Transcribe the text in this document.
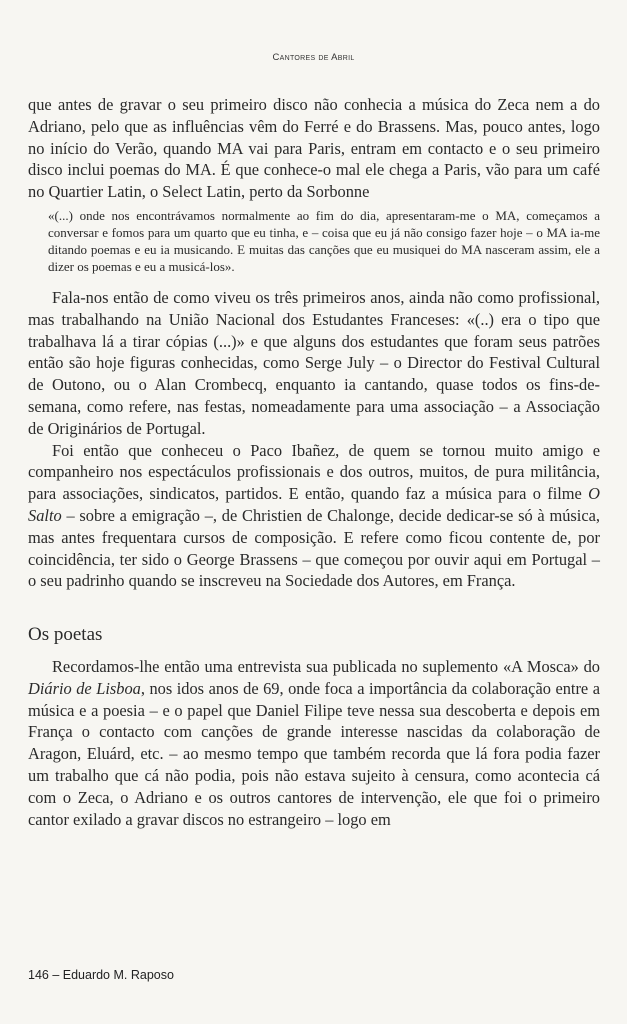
Cantores de Abril

que antes de gravar o seu primeiro disco não conhecia a música do Zeca nem a do Adriano, pelo que as influências vêm do Ferré e do Brassens. Mas, pouco antes, logo no início do Verão, quando MA vai para Paris, entram em contacto e o seu primeiro disco inclui poemas do MA. É que conhece-o mal ele chega a Paris, vão para um café no Quartier Latin, o Select Latin, perto da Sorbonne

«(...) onde nos encontrávamos normalmente ao fim do dia, apresentaram-me o MA, começamos a conversar e fomos para um quarto que eu tinha, e – coisa que eu já não consigo fazer hoje – o MA ia-me ditando poemas e eu ia musicando. E muitas das canções que eu musiquei do MA nasceram assim, ele a dizer os poemas e eu a musicá-los».

Fala-nos então de como viveu os três primeiros anos, ainda não como profissional, mas trabalhando na União Nacional dos Estudantes Franceses: «(..) era o tipo que trabalhava lá a tirar cópias (...)» e que alguns dos estudantes que foram seus patrões então são hoje figuras conhecidas, como Serge July – o Director do Festival Cultural de Outono, ou o Alan Crombecq, enquanto ia cantando, quase todos os fins-de-semana, como refere, nas festas, nomeadamente para uma associação – a Associação de Originários de Portugal.

Foi então que conheceu o Paco Ibañez, de quem se tornou muito amigo e companheiro nos espectáculos profissionais e dos outros, muitos, de pura militância, para associações, sindicatos, partidos. E então, quando faz a música para o filme O Salto – sobre a emigração –, de Christien de Chalonge, decide dedicar-se só à música, mas antes frequentara cursos de composição. E refere como ficou contente de, por coincidência, ter sido o George Brassens – que começou por ouvir aqui em Portugal – o seu padrinho quando se inscreveu na Sociedade dos Autores, em França.

Os poetas

Recordamos-lhe então uma entrevista sua publicada no suplemento «A Mosca» do Diário de Lisboa, nos idos anos de 69, onde foca a importância da colaboração entre a música e a poesia – e o papel que Daniel Filipe teve nessa sua descoberta e depois em França o contacto com canções de grande interesse nascidas da colaboração de Aragon, Eluárd, etc. – ao mesmo tempo que também recorda que lá fora podia fazer um trabalho que cá não podia, pois não estava sujeito à censura, como acontecia cá com o Zeca, o Adriano e os outros cantores de intervenção, ele que foi o primeiro cantor exilado a gravar discos no estrangeiro – logo em

146 – Eduardo M. Raposo
